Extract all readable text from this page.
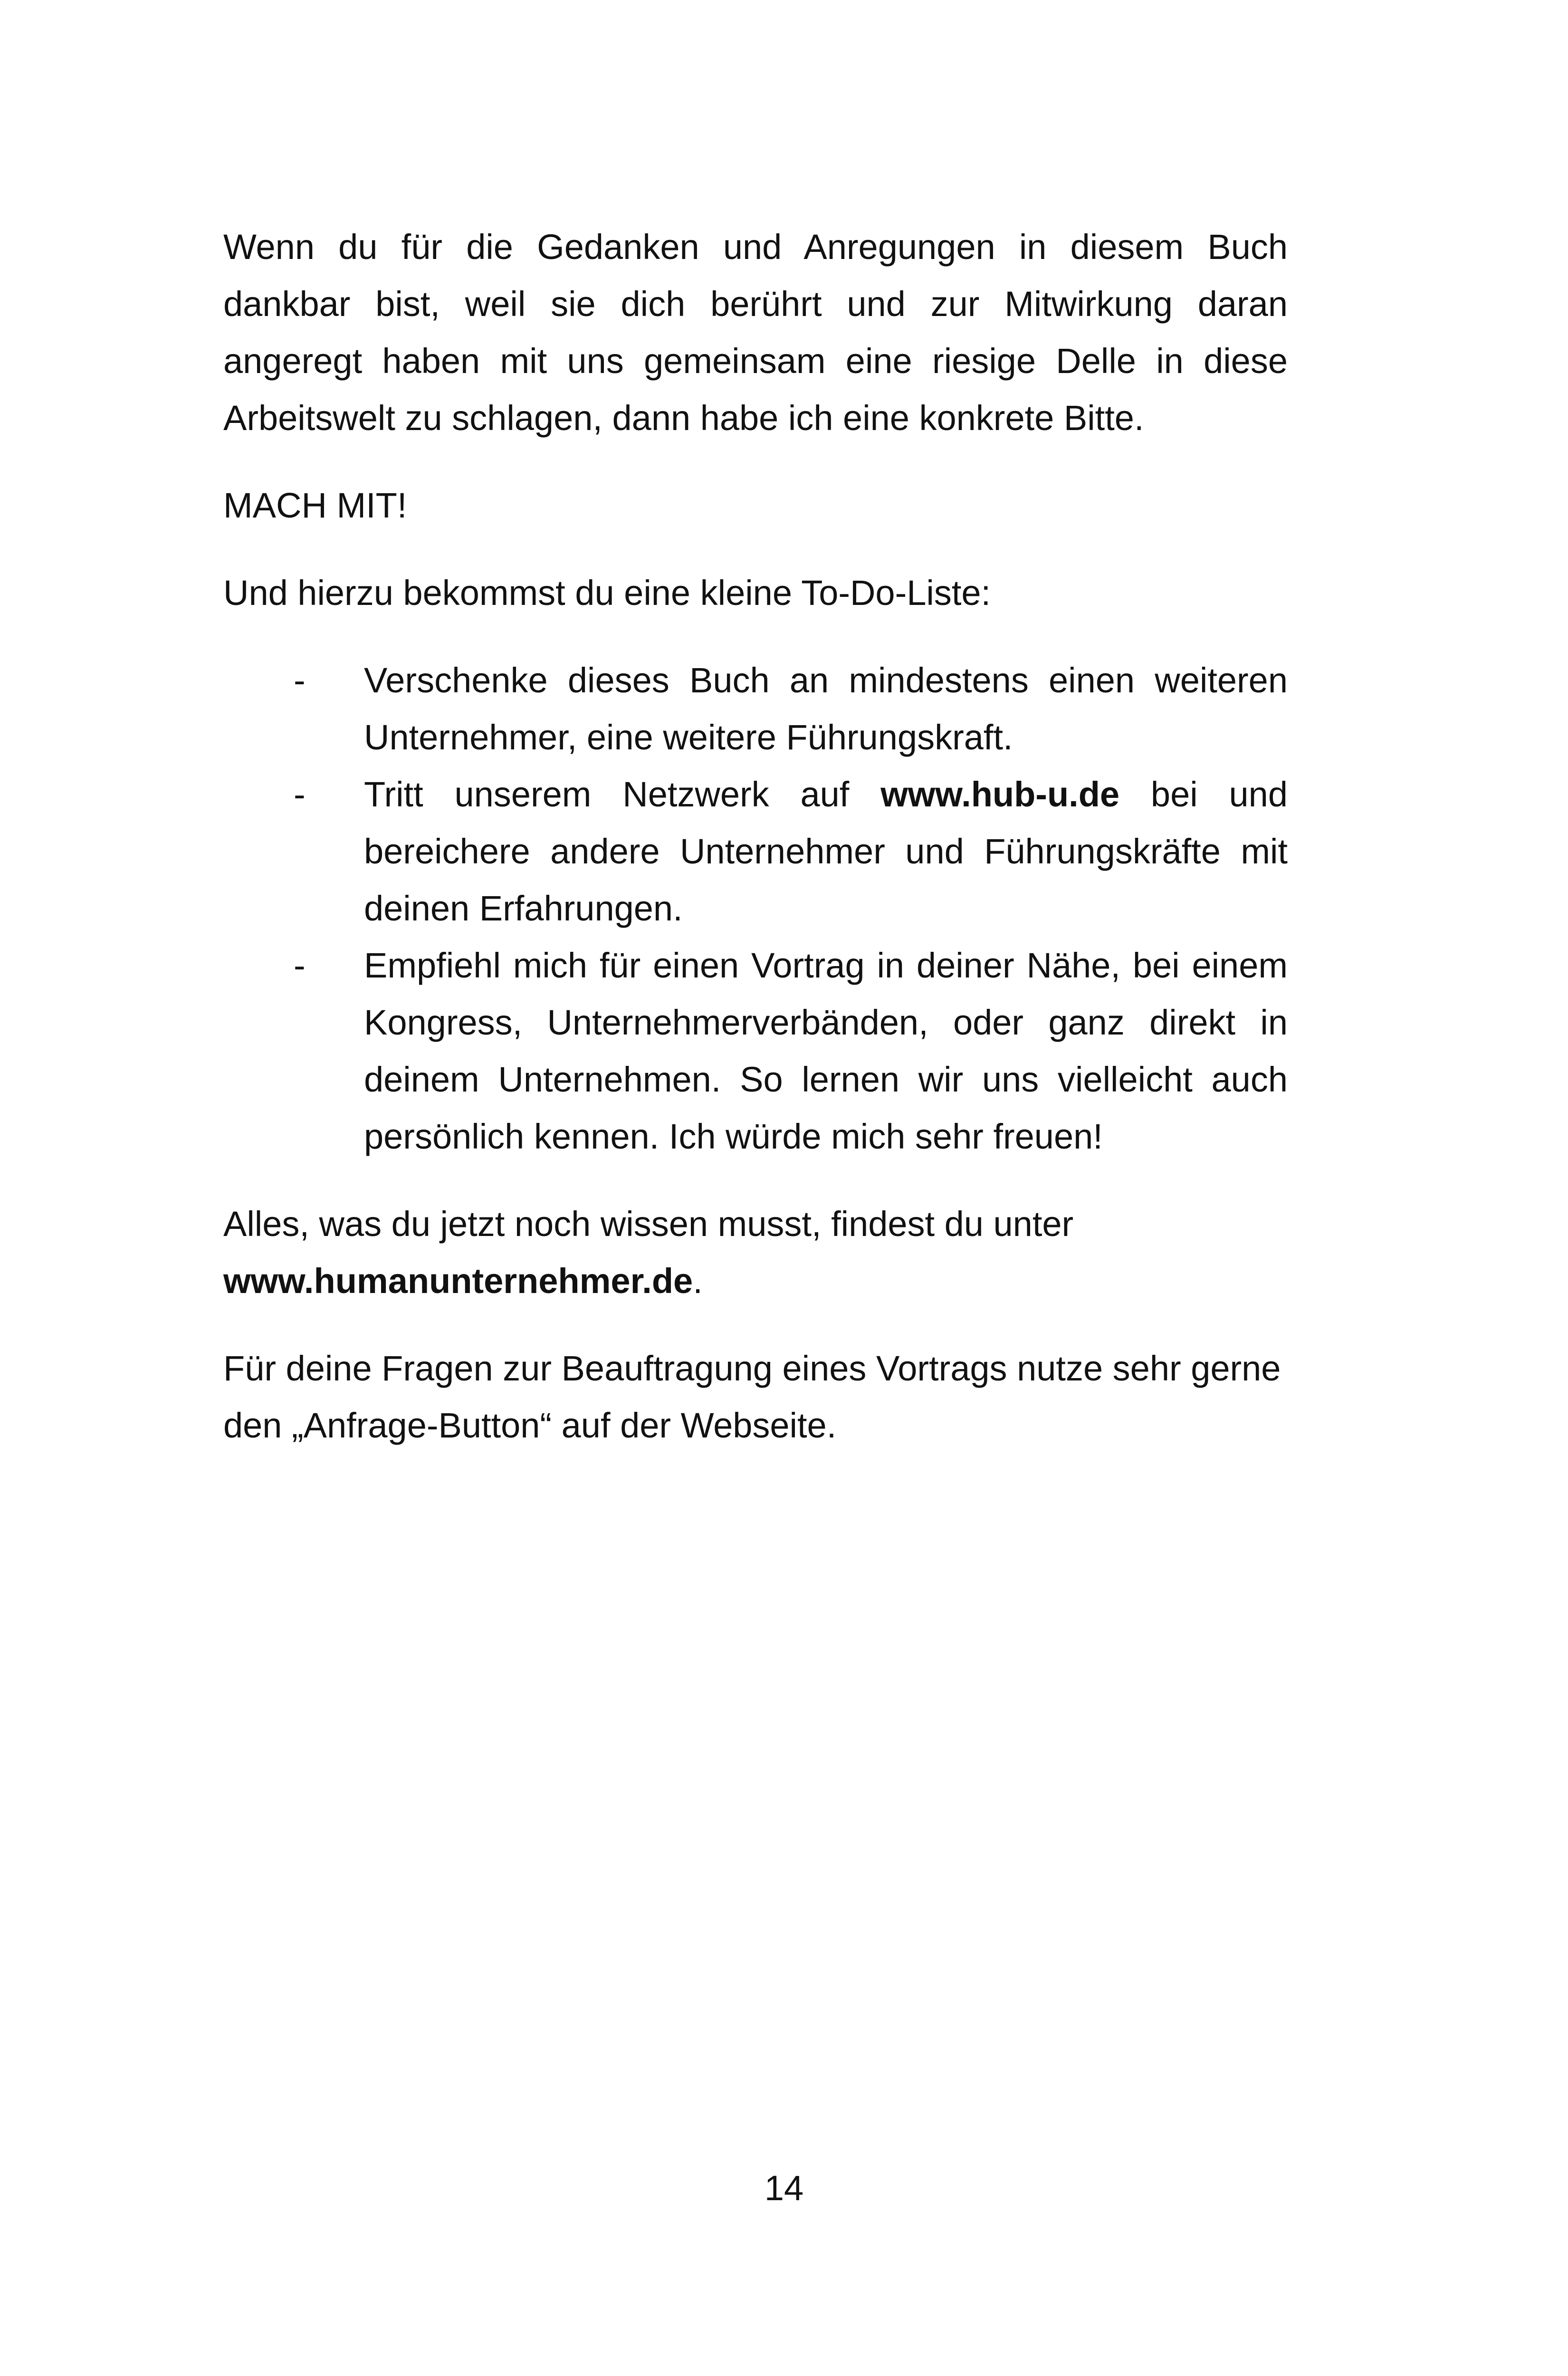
Wenn du für die Gedanken und Anregungen in diesem Buch dankbar bist, weil sie dich berührt und zur Mitwirkung daran angeregt haben mit uns gemeinsam eine riesige Delle in diese Arbeitswelt zu schlagen, dann habe ich eine konkrete Bitte.

MACH MIT!

Und hierzu bekommst du eine kleine To-Do-Liste:

- Verschenke dieses Buch an mindestens einen weiteren Unternehmer, eine weitere Führungskraft.
- Tritt unserem Netzwerk auf www.hub-u.de bei und bereichere andere Unternehmer und Führungskräfte mit deinen Erfahrungen.
- Empfiehl mich für einen Vortrag in deiner Nähe, bei einem Kongress, Unternehmerverbänden, oder ganz direkt in deinem Unternehmen. So lernen wir uns vielleicht auch persönlich kennen. Ich würde mich sehr freuen!

Alles, was du jetzt noch wissen musst, findest du unter www.humanunternehmer.de.

Für deine Fragen zur Beauftragung eines Vortrags nutze sehr gerne den „Anfrage-Button“ auf der Webseite.

14
